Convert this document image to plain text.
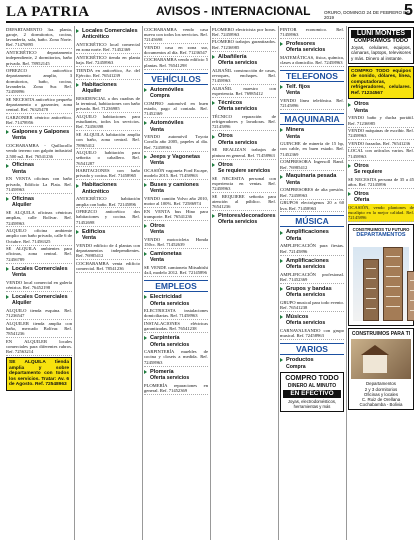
LA PATRIA	AVISOS - INTERNACIONAL	ORURO, DOMINGO 24 DE FEBRERO DE 2019	5
DEPARTAMENTO 3ra. planta, garaje, 2 dormitorios, cocina, lavandería, sala, baño. Zona Norte. Ref. 71476895
ANTICRÉTICO departamento independiente, 2 dormitorios, baño privado. Ref. 78952145
OFREZCO anticrético departamento amplio, 3 dormitorios, baño, cocina, lavandería. Zona Sur. Ref. 72458896
SE NECESITA anticrético pequeño departamento o garzonier, zona central. Ref. 76325478
GARZONIER céntrico anticrético. Ref. 71478956
Galpones y Galpones
Venta
COCHABAMBA - Quillacollo vendo terreno con galpón industrial 2.500 m2. Ref. 76541236
Oficinas
Venta
EN VENTA oficinas con baño privado, Edificio La Plata. Ref. 71458963
Oficinas
Alquiler
SE ALQUILA oficinas céntricas amplias, calle Bolívar. Ref. 72458963
ALQUILO oficina ambiente amplio con baño privado, calle 6 de Octubre. Ref. 71456325
SE ALQUILA ambientes para oficinas, zona central. Ref. 72456789
Locales Comerciales
Venta
VENDO local comercial en galería céntrica. Ref. 76452198
Locales Comerciales
Alquiler
ALQUILO tienda esquina. Ref. 71236547
ALQUILER tienda amplia con baño, mercado Bolívar. Ref. 78541236
EN ALQUILER locales comerciales para diferentes rubros. Ref. 72563214
SE ALQUILA tienda amplia y sobre departamento con todos los servicios. Tratar: Av. 6 de Agosto. Ref. 72548963
Locales Comerciales
Anticrético
ANTICRÉTICO local comercial en zona norte. Ref. 71452369
ANTICRÉTICO tienda en planta baja. Ref. 72458963
TIENDA en anticrético, Av. del Ejército. Ref. 76541239
Habitaciones
Alquiler
RESIDENCIAL a dos cuadras de la terminal, habitaciones con baño privado. Ref. 71236985
ALQUILO habitaciones para estudiantes, todos los servicios. Ref. 72456398
SE ALQUILA habitación amplia con baño, zona central. Ref. 78965412
ALQUILO habitación para señorita o caballero. Ref. 76541287
HABITACIONES con baño privado y cocina. Ref. 71458965
Habitaciones
Anticrético
ANTICRÉTICO habitación amplia con baño. Ref. 72145896
OFREZCO anticrético dos habitaciones y cocina. Ref. 71452698
Edificios
Venta
VENDO edificio de 4 plantas con departamentos independientes. Ref. 76985412
COCHABAMBA venta edificio comercial. Ref. 78541236
COCHABAMBA vendo casa nueva con todos los servicios. Ref. 72145698
VENDO casa en zona sur, documentos al día. Ref. 71236547
COCHABAMBA vendo edificio 5 plantas. Ref. 76541298
VEHÍCULOS
Automóviles
Compra
COMPRO automóvil en buen estado, pago al contado. Ref. 71452369
Automóviles
Venta
VENDO automóvil Toyota Corolla año 2005, papeles al día. Ref. 72458963
Jeeps y Vagonetas
Venta
OCASIÓN vagoneta Ford Escape, modelo 2015. Ref. 71458963
Buses y camiones
Venta
VENDO camión Volvo año 2010, motor al 100%. Ref. 72586974
EN VENTA bus Hino para transporte. Ref. 76541236
Otros
Venta
VENDO motocicleta Honda 150cc. Ref. 71452639
Camionetas
Venta
SE VENDE camioneta Mitsubishi 4x4, modelo 2012. Ref. 72145896
EMPLEOS
Electricidad
Oferta servicios
ELECTRICISTA instalaciones domiciliarias. Ref. 71458963
INSTALACIONES eléctricas garantizadas. Ref. 76541238
Carpintería
Oferta servicios
CARPINTERÍA muebles de cocina y closets a medida. Ref. 72458963
Plomería
Oferta servicios
PLOMERÍA reparaciones en general. Ref. 71452369
PLOMERO electricista por horas. Ref. 72458963
PLOMERO trabajos garantizados. Ref. 71236985
Albañilería
Oferta servicios
ALBAÑIL construcción de casas, revoques, enchapes. Ref. 71458963
ALBAÑIL maestro con experiencia. Ref. 76985412
Técnicos
Oferta servicios
TÉCNICO reparación de refrigeradores y lavadoras. Ref. 72145896
Otros
Oferta servicios
SE REALIZAN trabajos de pintura en general. Ref. 71458963
Otros
Se requiere servicios
SE NECESITA personal con experiencia en ventas. Ref. 72458963
SE REQUIERE señorita para atención al público. Ref. 76541236
Pintores/decoradores
Oferta servicios
PINTOR economico. Ref. 71458963
Profesores
Oferta servicios
MATEMÁTICAS, física, química, clases a domicilio. Ref. 72458963
TELEFONOS
Telf. fijos
Venta
VENDO línea telefónica. Ref. 72145896
MAQUINARIA
Minera
Venta
GUINCHE de minería de 15 hp, con cable, en buen estado. Ref. 71452369
COMPRESORA Ingersoll Rand. Ref. 76985412
Maquinaria pesada
Venta
COMPRESORES de alta presión. Ref. 72458963
GRUPOS electrógenos 20 a 60 kva. Ref. 71458963
MÚSICA
Amplificaciones
Oferta
AMPLIFICACIÓN para fiestas. Ref. 72145896
Amplificaciones
Oferta servicios
AMPLIFICACIÓN profesional. Ref. 71452369
Grupos y bandas
Oferta servicios
GRUPO musical para todo evento. Ref. 76541238
Músicos
Oferta servicios
CARNAVALEANDO con grupo musical. Ref. 72458963
VARIOS
Productos
Compra
COMPRO TODO
DINERO AL MINUTO
EN EFECTIVO
Joyas, electrodomésticos, herramientas y más
LUNI MONTES
COMPRAMOS TODO
Joyas, celulares, equipos, cámaras, laptops, televisores y más. Dinero al instante.
COMPRO TODO equipos de sonido, dólares, línea, computadoras, refrigeradores, celulares. Ref. 71234567
Otros
Venta
VENDO baño y ducha portátil. Ref. 71236985
VENDO máquinas de escribir. Ref. 72458963
VENDO frazadas. Ref. 76541236
LOCAL con artículos varios. Ref. 71458963
Otros
Se requiere
SE NECESITA persona de 35 a 45 años. Ref. 72145896
Otros
Oferta
OCASIÓN, vendo plantones de eucalipto en la mejor calidad. Ref. 72145896
CONSTRUIMOS TU FUTURO
DEPARTAMENTOS
CONSTRUIMOS PARA TI
Departamentos
2 y 3 dormitorios
Oficinas y locales
C. Ruiz de Orellana
Cochabamba - Bolivia
